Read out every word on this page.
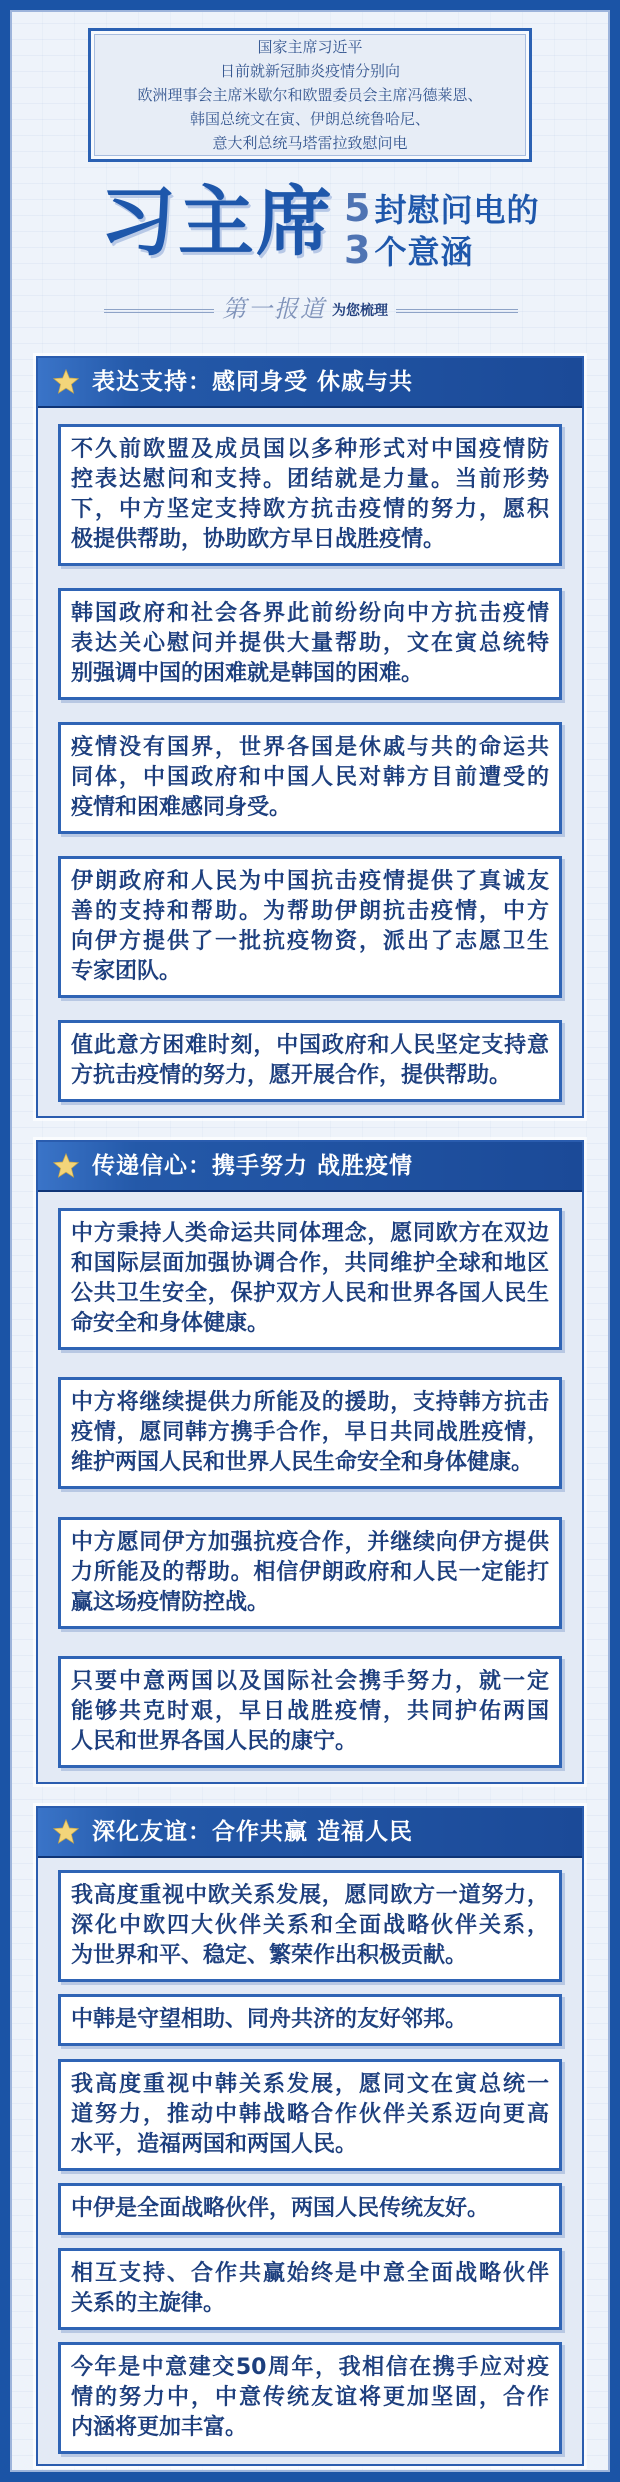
国家主席习近平
日前就新冠肺炎疫情分别向
欧洲理事会主席米歇尔和欧盟委员会主席冯德莱恩、
韩国总统文在寅、伊朗总统鲁哈尼、
意大利总统马塔雷拉致慰问电
习主席 5 封慰问电的
3 个意涵
第一报道 为您梳理
表达支持：感同身受 休戚与共
不久前欧盟及成员国以多种形式对中国疫情防
控表达慰问和支持。团结就是力量。当前形势
下，中方坚定支持欧方抗击疫情的努力，愿积
极提供帮助，协助欧方早日战胜疫情。
韩国政府和社会各界此前纷纷向中方抗击疫情
表达关心慰问并提供大量帮助，文在寅总统特
别强调中国的困难就是韩国的困难。
疫情没有国界，世界各国是休戚与共的命运共
同体，中国政府和中国人民对韩方目前遭受的
疫情和困难感同身受。
伊朗政府和人民为中国抗击疫情提供了真诚友
善的支持和帮助。为帮助伊朗抗击疫情，中方
向伊方提供了一批抗疫物资，派出了志愿卫生
专家团队。
值此意方困难时刻，中国政府和人民坚定支持意
方抗击疫情的努力，愿开展合作，提供帮助。
传递信心：携手努力 战胜疫情
中方秉持人类命运共同体理念，愿同欧方在双边
和国际层面加强协调合作，共同维护全球和地区
公共卫生安全，保护双方人民和世界各国人民生
命安全和身体健康。
中方将继续提供力所能及的援助，支持韩方抗击
疫情，愿同韩方携手合作，早日共同战胜疫情，
维护两国人民和世界人民生命安全和身体健康。
中方愿同伊方加强抗疫合作，并继续向伊方提供
力所能及的帮助。相信伊朗政府和人民一定能打
赢这场疫情防控战。
只要中意两国以及国际社会携手努力，就一定
能够共克时艰，早日战胜疫情，共同护佑两国
人民和世界各国人民的康宁。
深化友谊：合作共赢 造福人民
我高度重视中欧关系发展，愿同欧方一道努力，
深化中欧四大伙伴关系和全面战略伙伴关系，
为世界和平、稳定、繁荣作出积极贡献。
中韩是守望相助、同舟共济的友好邻邦。
我高度重视中韩关系发展，愿同文在寅总统一
道努力，推动中韩战略合作伙伴关系迈向更高
水平，造福两国和两国人民。
中伊是全面战略伙伴，两国人民传统友好。
相互支持、合作共赢始终是中意全面战略伙伴
关系的主旋律。
今年是中意建交50周年，我相信在携手应对疫
情的努力中，中意传统友谊将更加坚固，合作
内涵将更加丰富。
